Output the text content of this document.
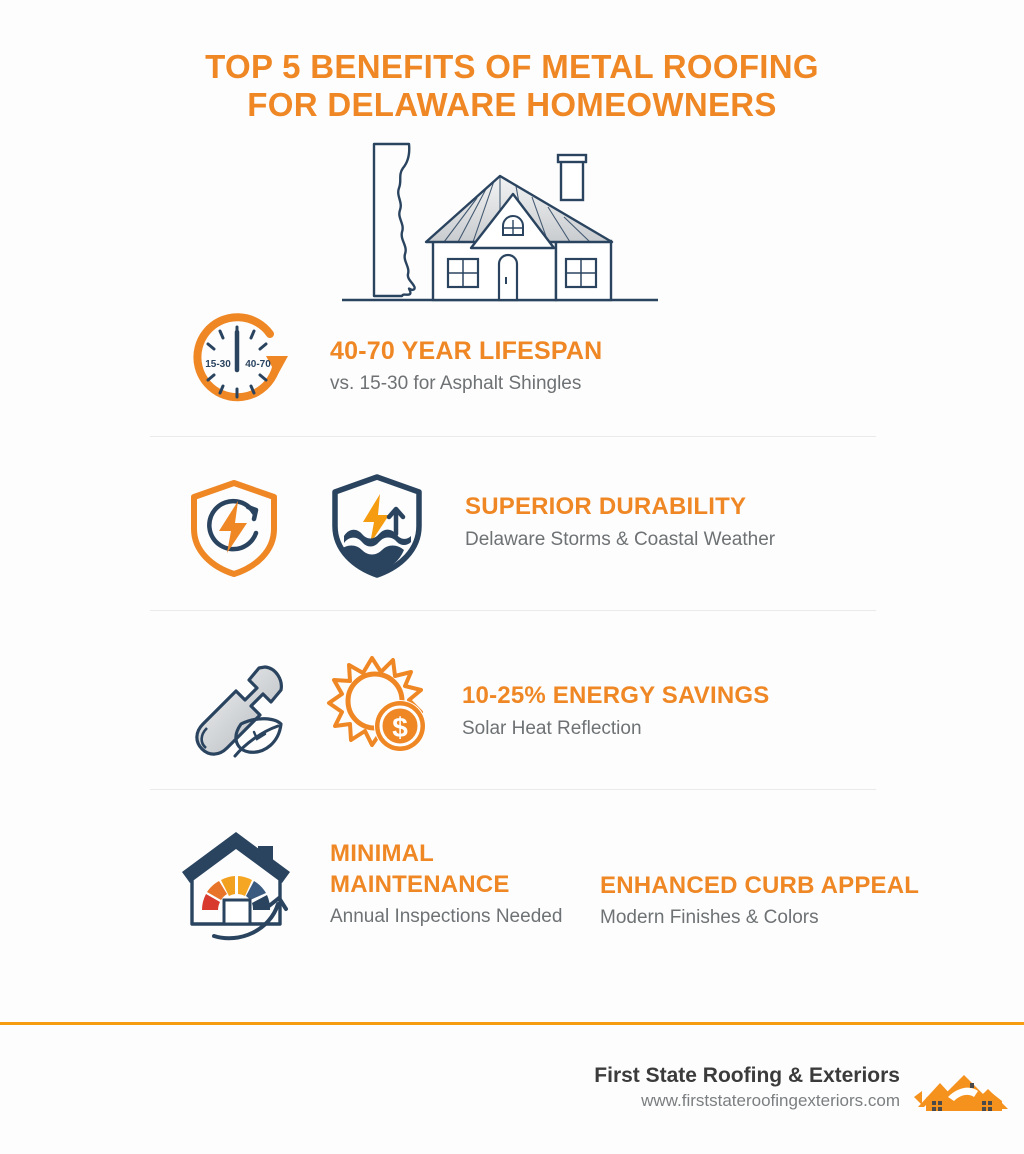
TOP 5 BENEFITS OF METAL ROOFING
FOR DELAWARE HOMEOWNERS
15-30 40-70 40-70 YEAR LIFESPAN
vs. 15-30 for Asphalt Shingles
SUPERIOR DURABILITY
Delaware Storms & Coastal Weather
$
10-25% ENERGY SAVINGS
Solar Heat Reflection
MINIMAL
MAINTENANCE
Annual Inspections Needed
ENHANCED CURB APPEAL
Modern Finishes & Colors
First State Roofing & Exteriors
www.firststateroofingexteriors.com
